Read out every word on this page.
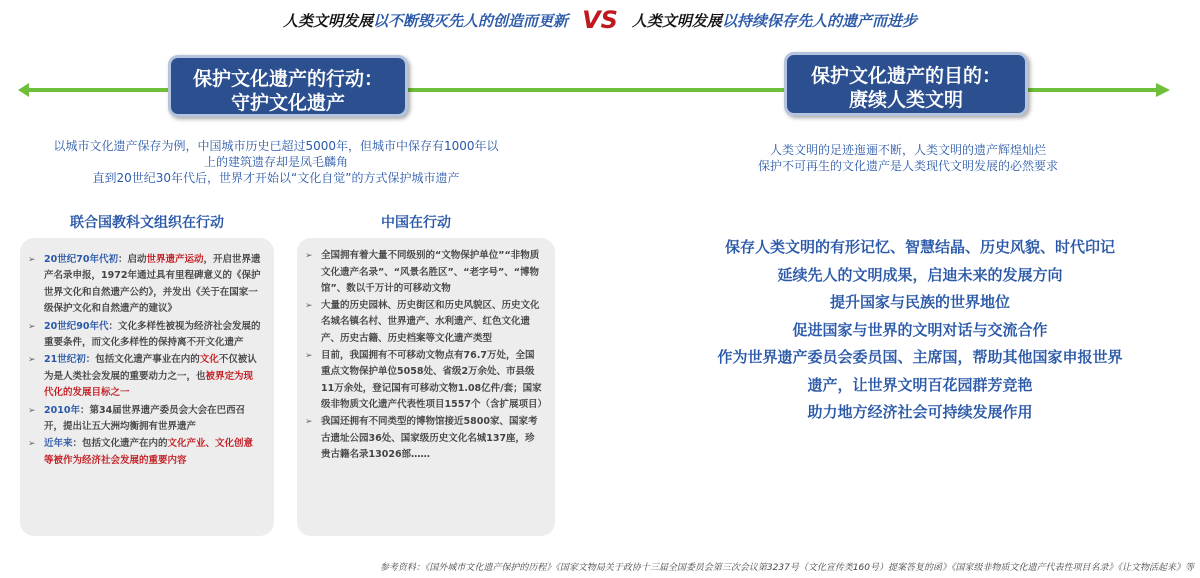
人类文明发展以不断毁灭先人的创造而更新 VS 人类文明发展以持续保存先人的遗产而进步
保护文化遗产的行动：
守护文化遗产
保护文化遗产的目的：
赓续人类文明
以城市文化遗产保存为例，中国城市历史已超过5000年，但城市中保存有1000年以
上的建筑遗存却是凤毛麟角
直到20世纪30年代后，世界才开始以“文化自觉”的方式保护城市遗产
人类文明的足迹迤逦不断，人类文明的遗产辉煌灿烂
保护不可再生的文化遗产是人类现代文明发展的必然要求
联合国教科文组织在行动	中国在行动
➢ 20世纪70年代初：启动世界遗产运动，开启世界遗产名录申报，1972年通过具有里程碑意义的《保护世界文化和自然遗产公约》，并发出《关于在国家一级保护文化和自然遗产的建议》
➢ 20世纪90年代：文化多样性被视为经济社会发展的重要条件，而文化多样性的保持离不开文化遗产
➢ 21世纪初：包括文化遗产事业在内的文化不仅被认为是人类社会发展的重要动力之一，也被界定为现代化的发展目标之一
➢ 2010年：第34届世界遗产委员会大会在巴西召开，提出让五大洲均衡拥有世界遗产
➢ 近年来：包括文化遗产在内的文化产业、文化创意等被作为经济社会发展的重要内容
➢ 全国拥有着大量不同级别的“文物保护单位”“非物质文化遗产名录”、“风景名胜区”、“老字号”、“博物馆”、数以千万计的可移动文物
➢ 大量的历史园林、历史街区和历史风貌区、历史文化名城名镇名村、世界遗产、水利遗产、红色文化遗产、历史古籍、历史档案等文化遗产类型
➢ 目前，我国拥有不可移动文物点有76.7万处，全国重点文物保护单位5058处、省级2万余处、市县级11万余处，登记国有可移动文物1.08亿件/套；国家级非物质文化遗产代表性项目1557个（含扩展项目）
➢ 我国还拥有不同类型的博物馆接近5800家、国家考古遗址公园36处、国家级历史文化名城137座，珍贵古籍名录13026部……
保存人类文明的有形记忆、智慧结晶、历史风貌、时代印记
延续先人的文明成果，启迪未来的发展方向
提升国家与民族的世界地位
促进国家与世界的文明对话与交流合作
作为世界遗产委员会委员国、主席国，帮助其他国家申报世界
遗产，让世界文明百花园群芳竞艳
助力地方经济社会可持续发展作用
参考资料：《国外城市文化遗产保护的历程》《国家文物局关于政协十三届全国委员会第三次会议第3237号（文化宣传类160号）提案答复的函》《国家级非物质文化遗产代表性项目名录》《让文物活起来》等
